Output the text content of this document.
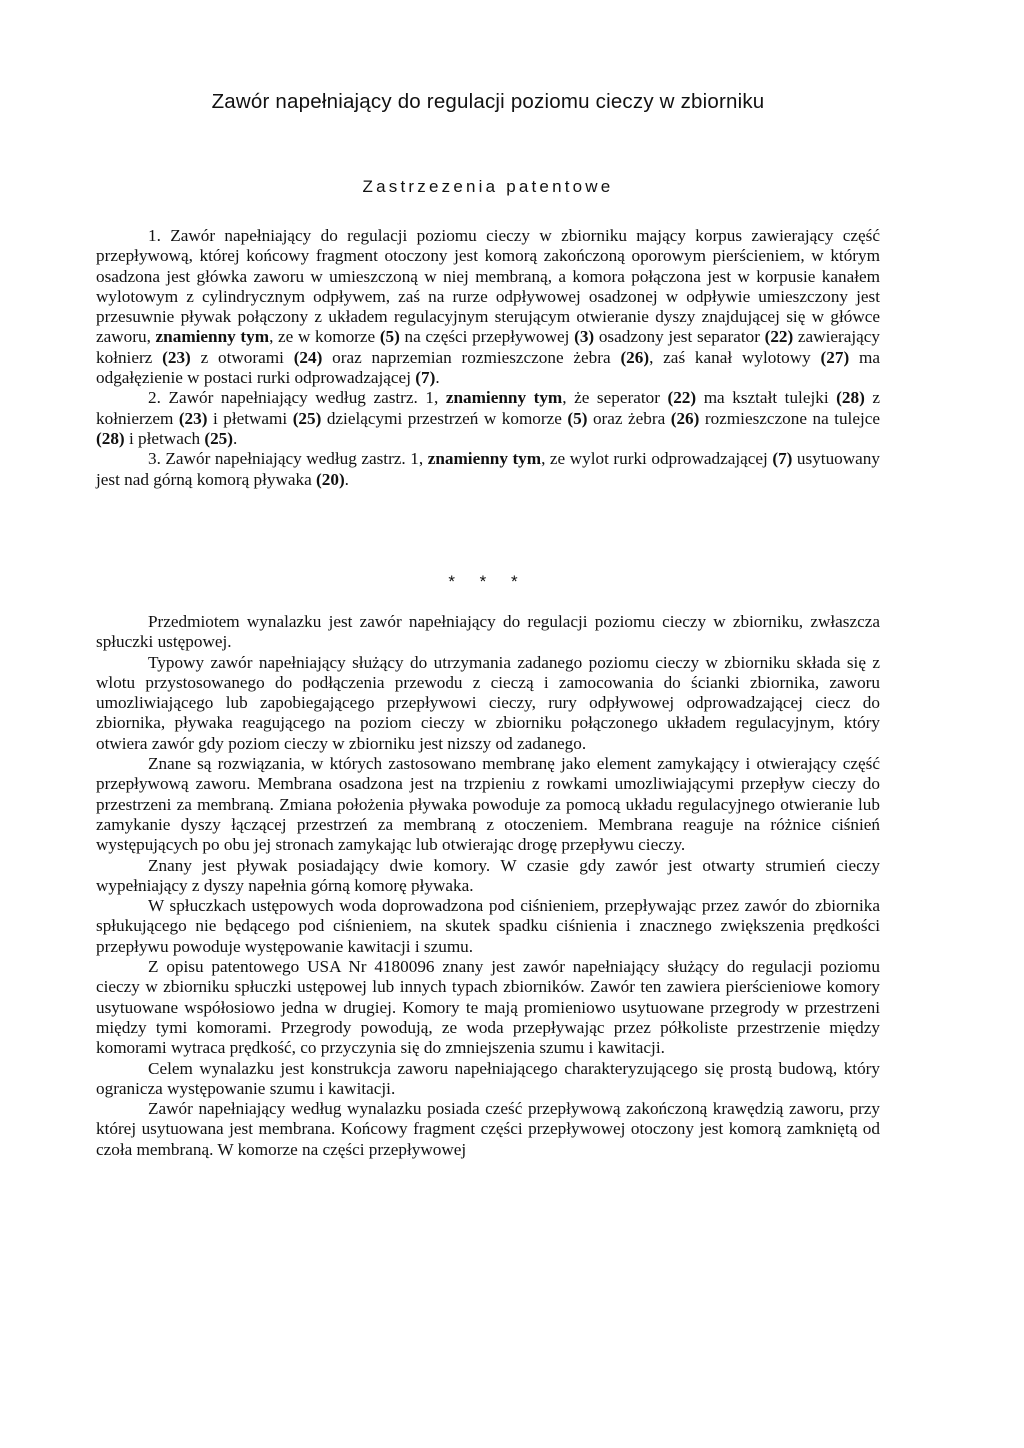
Zawór napełniający do regulacji poziomu cieczy w zbiorniku
Zastrzezenia patentowe

1. Zawór napełniający do regulacji poziomu cieczy w zbiorniku mający korpus zawierający część przepływową, której końcowy fragment otoczony jest komorą zakończoną oporowym pierścieniem, w którym osadzona jest główka zaworu w umieszczoną w niej membraną, a komora połączona jest w korpusie kanałem wylotowym z cylindrycznym odpływem, zaś na rurze odpływowej osadzonej w odpływie umieszczony jest przesuwnie pływak połączony z układem regulacyjnym sterującym otwieranie dyszy znajdującej się w główce zaworu, znamienny tym, ze w komorze (5) na części przepływowej (3) osadzony jest separator (22) zawierający kołnierz (23) z otworami (24) oraz naprzemian rozmieszczone żebra (26), zaś kanał wylotowy (27) ma odgałęzienie w postaci rurki odprowadzającej (7).

2. Zawór napełniający według zastrz. 1, znamienny tym, że seperator (22) ma kształt tulejki (28) z kołnierzem (23) i płetwami (25) dzielącymi przestrzeń w komorze (5) oraz żebra (26) rozmieszczone na tulejce (28) i płetwach (25).

3. Zawór napełniający według zastrz. 1, znamienny tym, ze wylot rurki odprowadzającej (7) usytuowany jest nad górną komorą pływaka (20).

* * *

Przedmiotem wynalazku jest zawór napełniający do regulacji poziomu cieczy w zbiorniku, zwłaszcza spłuczki ustępowej.

Typowy zawór napełniający służący do utrzymania zadanego poziomu cieczy w zbiorniku składa się z wlotu przystosowanego do podłączenia przewodu z cieczą i zamocowania do ściankі zbiornika, zaworu umozliwiającego lub zapobiegającego przepływowi cieczy, rury odpływowej odprowadzającej ciecz do zbiornika, pływaka reagującego na poziom cieczy w zbiorniku połączonego układem regulacyjnym, który otwiera zawór gdy poziom cieczy w zbiorniku jest nizszy od zadanego.

Znane są rozwiązania, w których zastosowano membranę jako element zamykający i otwierający część przepływową zaworu. Membrana osadzona jest na trzpieniu z rowkami umozliwiającymi przepływ cieczy do przestrzeni za membraną. Zmiana położenia pływaka powoduje za pomocą układu regulacyjnego otwieranie lub zamykanie dyszy łączącej przestrzeń za membraną z otoczeniem. Membrana reaguje na różnice ciśnień występujących po obu jej stronach zamykając lub otwierając drogę przepływu cieczy.

Znany jest pływak posiadający dwie komory. W czasie gdy zawór jest otwarty strumień cieczy wypełniający z dyszy napełnia górną komorę pływaka.

W spłuczkach ustępowych woda doprowadzona pod ciśnieniem, przepływając przez zawór do zbiornika spłukującego nie będącego pod ciśnieniem, na skutek spadku ciśnienia i znacznego zwiększenia prędkości przepływu powoduje występowanie kawitacji i szumu.

Z opisu patentowego USA Nr 4180096 znany jest zawór napełniający służący do regulacji poziomu cieczy w zbiorniku spłuczki ustępowej lub innych typach zbiorników. Zawór ten zawiera pierścieniowe komory usytuowane współosiowo jedna w drugiej. Komory te mają promieniowo usytuowane przegrody w przestrzeni między tymi komorami. Przegrody powodują, ze woda przepływając przez półkoliste przestrzenie między komorami wytraca prędkość, co przyczynia się do zmniejszenia szumu i kawitacji.

Celem wynalazku jest konstrukcja zaworu napełniającego charakteryzującego się prostą budową, który ogranicza występowanie szumu i kawitacji.

Zawór napełniający według wynalazku posiada cześć przepływową zakończoną krawędzią zaworu, przy której usytuowana jest membrana. Końcowy fragment części przepływowej otoczony jest komorą zamkniętą od czoła membraną. W komorze na części przepływowej
